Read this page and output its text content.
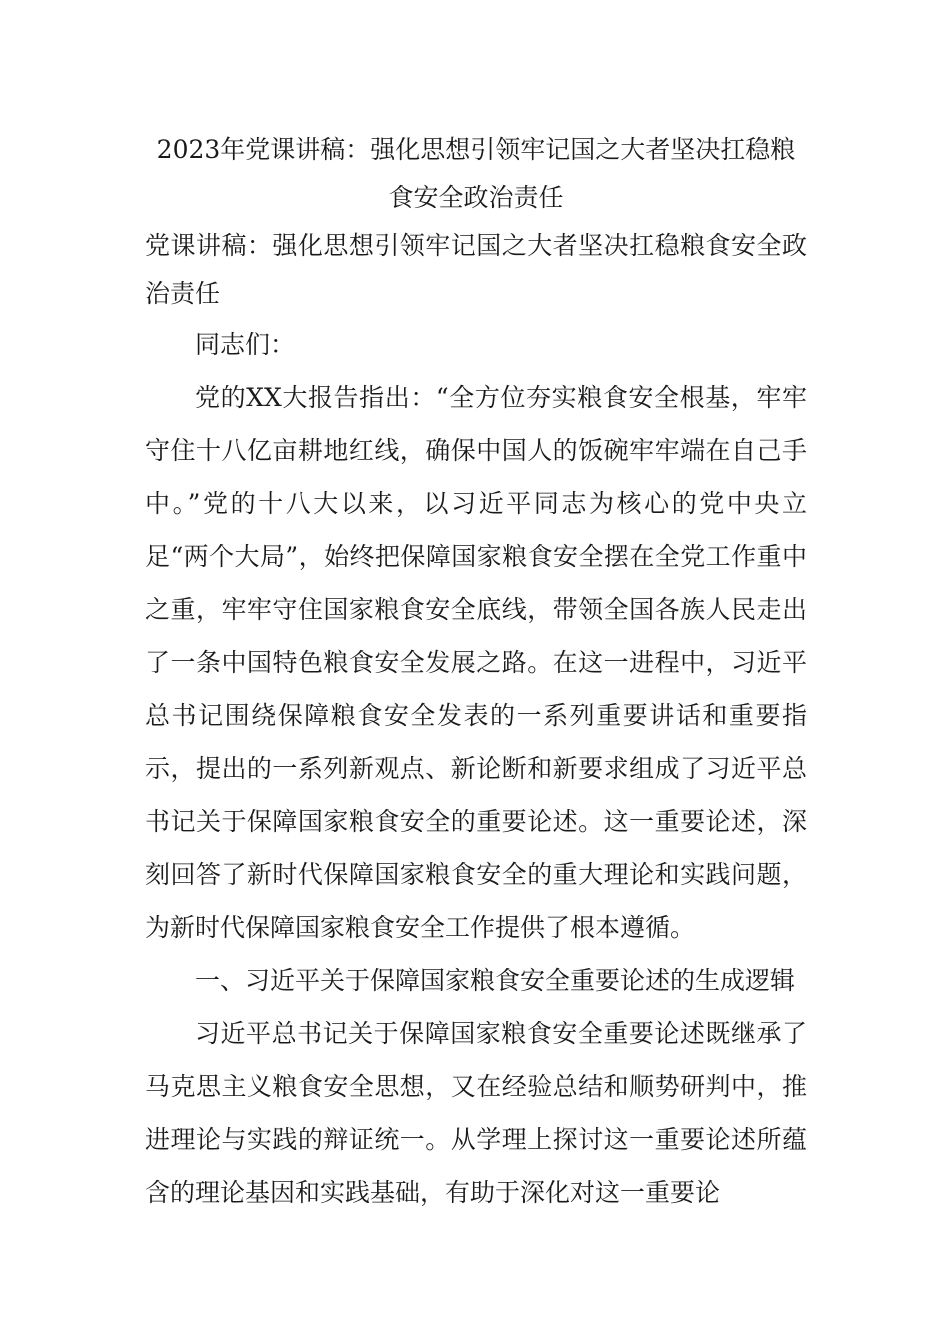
2023年党课讲稿：强化思想引领牢记国之大者坚决扛稳粮食安全政治责任

党课讲稿：强化思想引领牢记国之大者坚决扛稳粮食安全政治责任

同志们：

党的XX大报告指出：“全方位夯实粮食安全根基，牢牢守住十八亿亩耕地红线，确保中国人的饭碗牢牢端在自己手中。”党的十八大以来，以习近平同志为核心的党中央立足“两个大局”，始终把保障国家粮食安全摆在全党工作重中之重，牢牢守住国家粮食安全底线，带领全国各族人民走出了一条中国特色粮食安全发展之路。在这一进程中，习近平总书记围绕保障粮食安全发表的一系列重要讲话和重要指示，提出的一系列新观点、新论断和新要求组成了习近平总书记关于保障国家粮食安全的重要论述。这一重要论述，深刻回答了新时代保障国家粮食安全的重大理论和实践问题，为新时代保障国家粮食安全工作提供了根本遵循。

一、习近平关于保障国家粮食安全重要论述的生成逻辑

习近平总书记关于保障国家粮食安全重要论述既继承了马克思主义粮食安全思想，又在经验总结和顺势研判中，推进理论与实践的辩证统一。从学理上探讨这一重要论述所蕴含的理论基因和实践基础，有助于深化对这一重要论
